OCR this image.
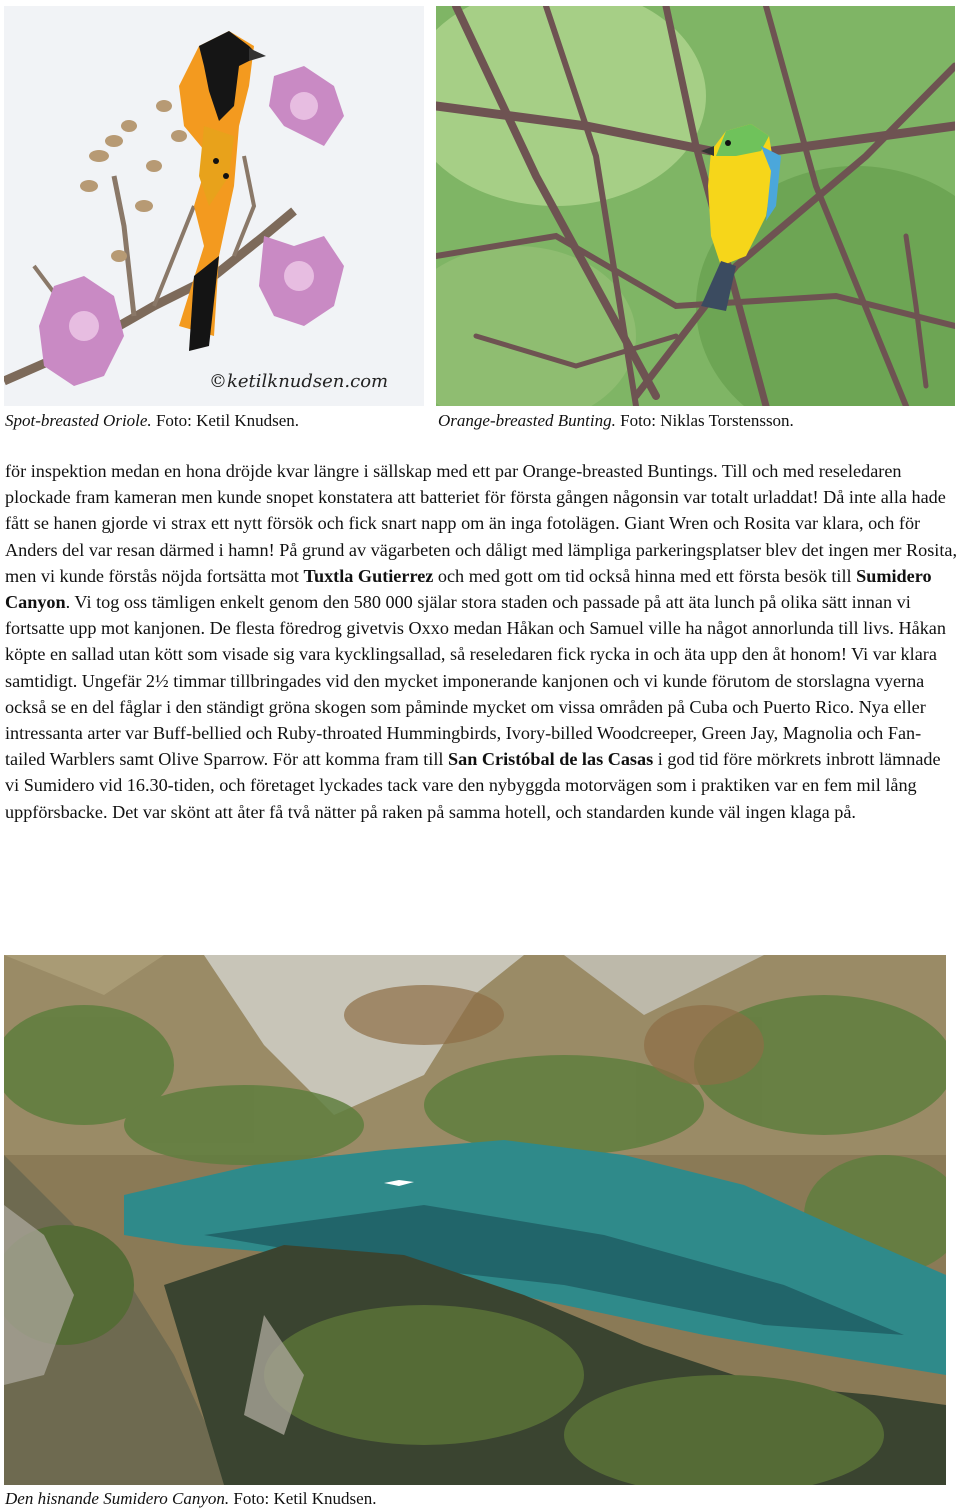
©ketilknudsen.com
Spot-breasted Oriole. Foto: Ketil Knudsen.	Orange-breasted Bunting. Foto: Niklas Torstensson.

för inspektion medan en hona dröjde kvar längre i sällskap med ett par Orange-breasted Buntings. Till och med reseledaren plockade fram kameran men kunde snopet konstatera att batteriet för första gången någonsin var totalt urladdat! Då inte alla hade fått se hanen gjorde vi strax ett nytt försök och fick snart napp om än inga fotolägen. Giant Wren och Rosita var klara, och för Anders del var resan därmed i hamn! På grund av vägarbeten och dåligt med lämpliga parkeringsplatser blev det ingen mer Rosita, men vi kunde förstås nöjda fortsätta mot Tuxtla Gutierrez och med gott om tid också hinna med ett första besök till Sumidero Canyon. Vi tog oss tämligen enkelt genom den 580 000 själar stora staden och passade på att äta lunch på olika sätt innan vi fortsatte upp mot kanjonen. De flesta föredrog givetvis Oxxo medan Håkan och Samuel ville ha något annorlunda till livs. Håkan köpte en sallad utan kött som visade sig vara kycklingsallad, så reseledaren fick rycka in och äta upp den åt honom! Vi var klara samtidigt. Ungefär 2½ timmar tillbringades vid den mycket imponerande kanjonen och vi kunde förutom de storslagna vyerna också se en del fåglar i den ständigt gröna skogen som påminde mycket om vissa områden på Cuba och Puerto Rico. Nya eller intressanta arter var Buff-bellied och Ruby-throated Hummingbirds, Ivory-billed Woodcreeper, Green Jay, Magnolia och Fan-tailed Warblers samt Olive Sparrow. För att komma fram till San Cristóbal de las Casas i god tid före mörkrets inbrott lämnade vi Sumidero vid 16.30-tiden, och företaget lyckades tack vare den nybyggda motorvägen som i praktiken var en fem mil lång uppförsbacke. Det var skönt att åter få två nätter på raken på samma hotell, och standarden kunde väl ingen klaga på.

Den hisnande Sumidero Canyon. Foto: Ketil Knudsen.
